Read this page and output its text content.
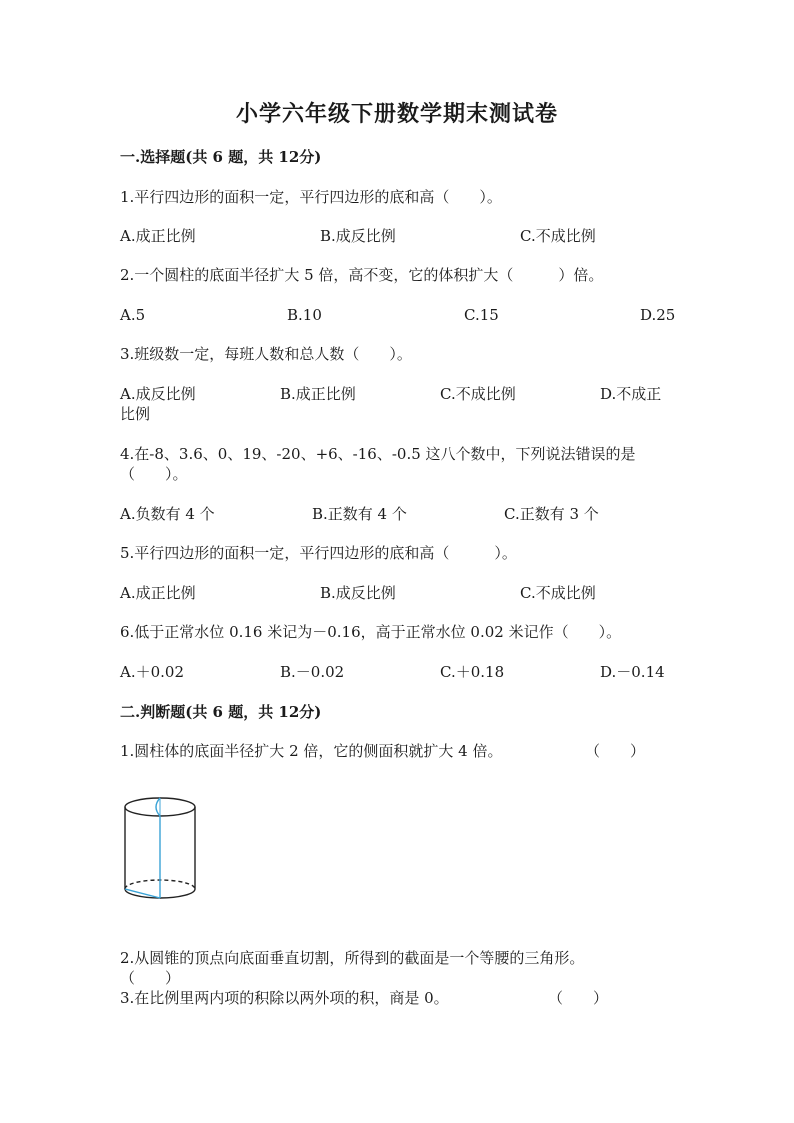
小学六年级下册数学期末测试卷
一.选择题(共 6 题，共 12分)
1.平行四边形的面积一定，平行四边形的底和高（　　）。
A.成正比例	B.成反比例	C.不成比例
2.一个圆柱的底面半径扩大 5 倍，高不变，它的体积扩大（　　　）倍。
A.5	B.10	C.15	D.25
3.班级数一定，每班人数和总人数（　　）。
A.成反比例	B.成正比例	C.不成比例	D.不成正
比例
4.在-8、3.6、0、19、-20、+6、-16、-0.5 这八个数中，下列说法错误的是
（　　）。
A.负数有 4 个	B.正数有 4 个	C.正数有 3 个
5.平行四边形的面积一定，平行四边形的底和高（　　　）。
A.成正比例	B.成反比例	C.不成比例
6.低于正常水位 0.16 米记为－0.16，高于正常水位 0.02 米记作（　　）。
A.＋0.02	B.－0.02	C.＋0.18	D.－0.14
二.判断题(共 6 题，共 12分)
1.圆柱体的底面半径扩大 2 倍，它的侧面积就扩大 4 倍。	（　　）
2.从圆锥的顶点向底面垂直切割，所得到的截面是一个等腰的三角形。
（　　）
3.在比例里两内项的积除以两外项的积，商是 0。	（　　）
